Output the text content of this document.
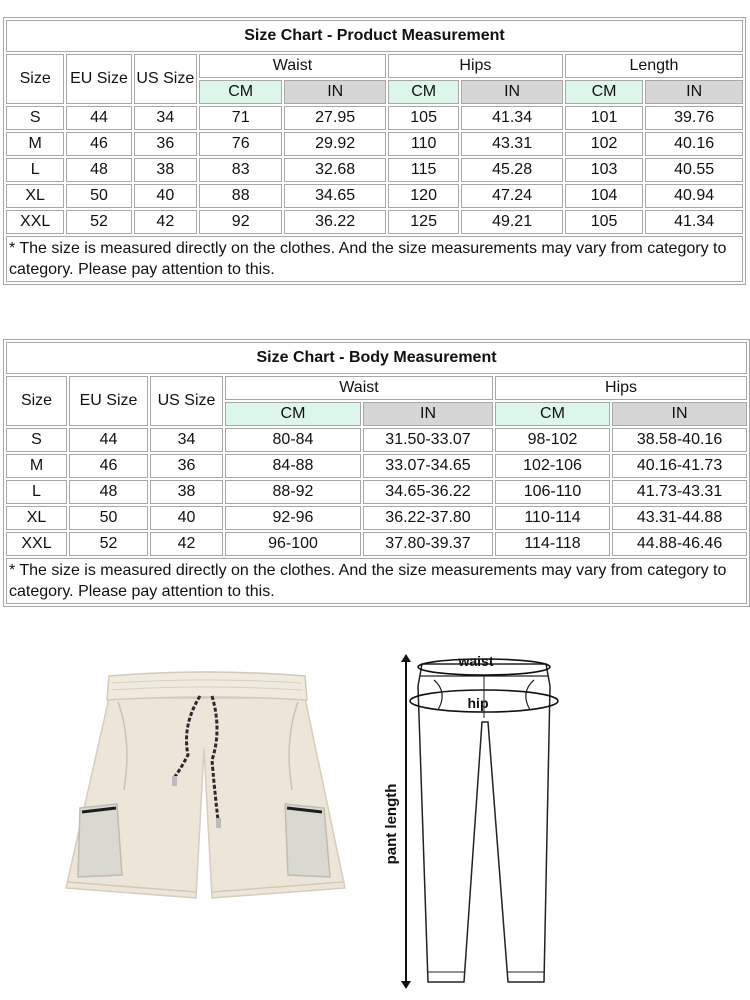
Size Chart - Product Measurement								
Size	EU Size	US Size	Waist		Hips		Length	
			CM	IN	CM	IN	CM	IN
S	44	34	71	27.95	105	41.34	101	39.76
M	46	36	76	29.92	110	43.31	102	40.16
L	48	38	83	32.68	115	45.28	103	40.55
XL	50	40	88	34.65	120	47.24	104	40.94
XXL	52	42	92	36.22	125	49.21	105	41.34
* The size is measured directly on the clothes. And the size measurements may vary from category to category. Please pay attention to this.								
Size Chart - Body Measurement						
Size	EU Size	US Size	Waist		Hips	
			CM	IN	CM	IN
S	44	34	80-84	31.50-33.07	98-102	38.58-40.16
M	46	36	84-88	33.07-34.65	102-106	40.16-41.73
L	48	38	88-92	34.65-36.22	106-110	41.73-43.31
XL	50	40	92-96	36.22-37.80	110-114	43.31-44.88
XXL	52	42	96-100	37.80-39.37	114-118	44.88-46.46
* The size is measured directly on the clothes. And the size measurements may vary from category to category. Please pay attention to this.						
pant length
waist
hip
